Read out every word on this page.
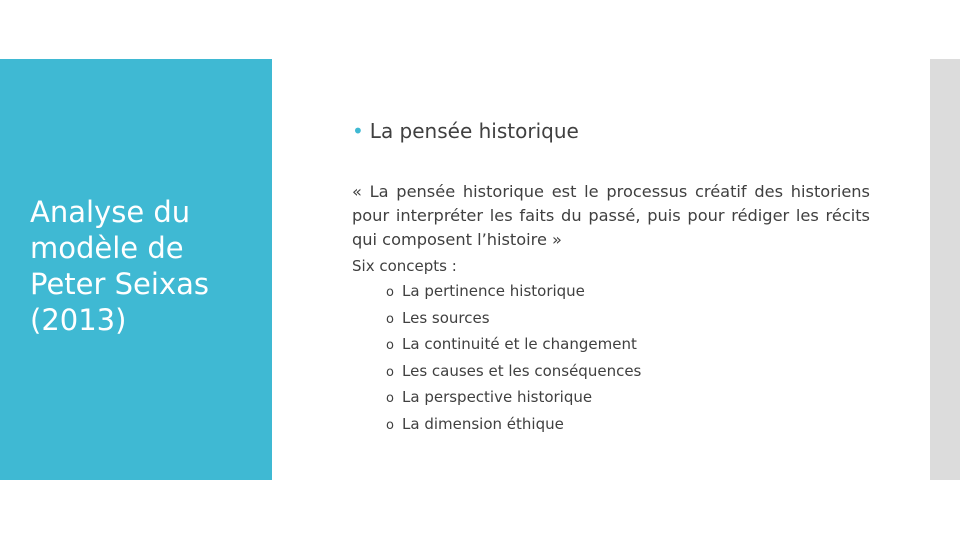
Analyse du modèle de Peter Seixas (2013)
• La pensée historique

« La pensée historique est le processus créatif des historiens pour interpréter les faits du passé, puis pour rédiger les récits qui composent l’histoire »

Six concepts :
o La pertinence historique
o Les sources
o La continuité et le changement
o Les causes et les conséquences
o La perspective historique
o La dimension éthique
